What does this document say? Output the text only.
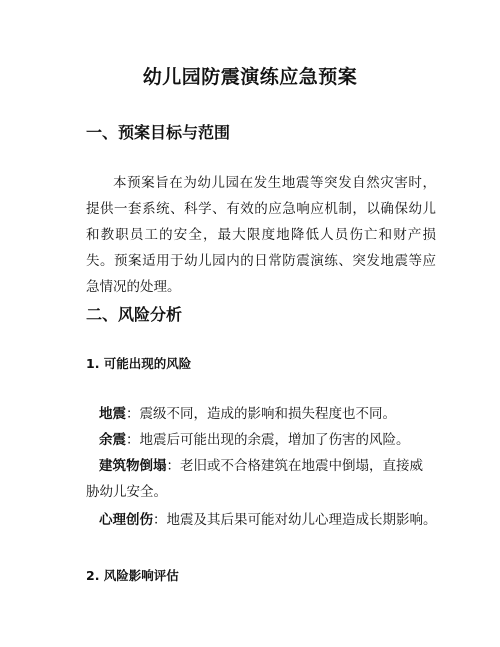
幼儿园防震演练应急预案
一、预案目标与范围
本预案旨在为幼儿园在发生地震等突发自然灾害时，提供一套系统、科学、有效的应急响应机制，以确保幼儿和教职员工的安全，最大限度地降低人员伤亡和财产损失。预案适用于幼儿园内的日常防震演练、突发地震等应急情况的处理。
二、风险分析
1. 可能出现的风险
地震：震级不同，造成的影响和损失程度也不同。
余震：地震后可能出现的余震，增加了伤害的风险。
建筑物倒塌：老旧或不合格建筑在地震中倒塌，直接威胁幼儿安全。
心理创伤：地震及其后果可能对幼儿心理造成长期影响。
2. 风险影响评估
